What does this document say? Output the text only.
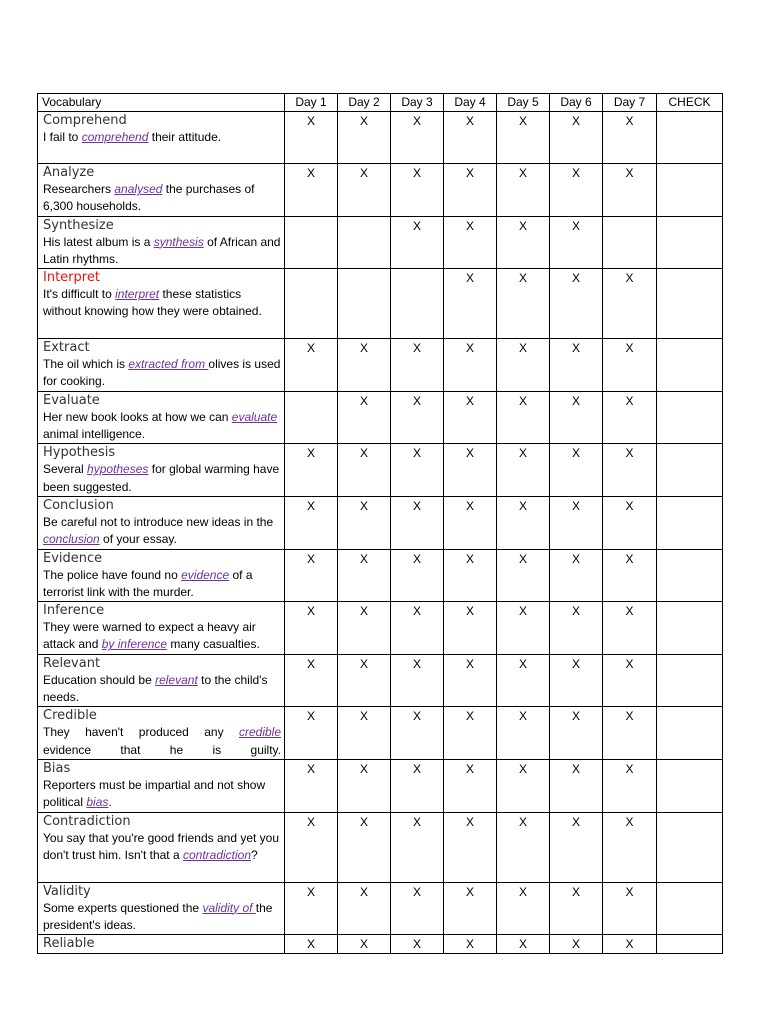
Vocabulary	Day 1	Day 2	Day 3	Day 4	Day 5	Day 6	Day 7	CHECK

Comprehend
I fail to comprehend their attitude.	X	X	X	X	X	X	X	

Analyze
Researchers analysed the purchases of 6,300 households.	X	X	X	X	X	X	X	

Synthesize
His latest album is a synthesis of African and Latin rhythms.			X	X	X	X		

Interpret
It's difficult to interpret these statistics without knowing how they were obtained.				X	X	X	X	

Extract
The oil which is extracted from olives is used for cooking.	X	X	X	X	X	X	X	

Evaluate
Her new book looks at how we can evaluate animal intelligence.		X	X	X	X	X	X	

Hypothesis
Several hypotheses for global warming have been suggested.	X	X	X	X	X	X	X	

Conclusion
Be careful not to introduce new ideas in the conclusion of your essay.	X	X	X	X	X	X	X	

Evidence
The police have found no evidence of a terrorist link with the murder.	X	X	X	X	X	X	X	

Inference
They were warned to expect a heavy air attack and by inference many casualties.	X	X	X	X	X	X	X	

Relevant
Education should be relevant to the child's needs.	X	X	X	X	X	X	X	

Credible
They haven't produced any credible evidence that he is guilty.	X	X	X	X	X	X	X	

Bias
Reporters must be impartial and not show political bias.	X	X	X	X	X	X	X	

Contradiction
You say that you're good friends and yet you don't trust him. Isn't that a contradiction?	X	X	X	X	X	X	X	

Validity
Some experts questioned the validity of the president's ideas.	X	X	X	X	X	X	X	

Reliable	X	X	X	X	X	X	X	
